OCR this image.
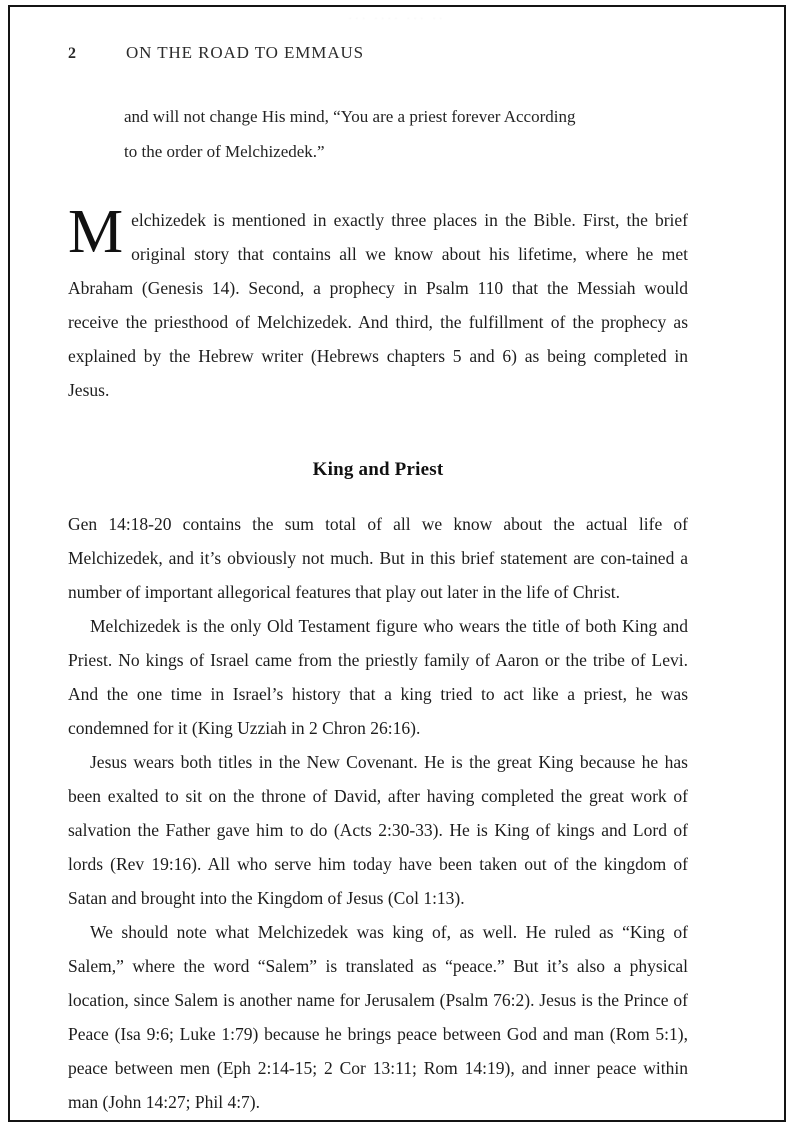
··· ···· ··· ··
2	ON THE ROAD TO EMMAUS
and will not change His mind, “You are a priest forever According
to the order of Melchizedek.”

Melchizedek is mentioned in exactly three places in the Bible. First, the brief original story that contains all we know about his lifetime, where he met Abraham (Genesis 14). Second, a prophecy in Psalm 110 that the Messiah would receive the priesthood of Melchizedek. And third, the fulfillment of the prophecy as explained by the Hebrew writer (Hebrews chapters 5 and 6) as being completed in Jesus.

King and Priest

Gen 14:18-20 contains the sum total of all we know about the actual life of Melchizedek, and it’s obviously not much. But in this brief statement are con-tained a number of important allegorical features that play out later in the life of Christ.

Melchizedek is the only Old Testament figure who wears the title of both King and Priest. No kings of Israel came from the priestly family of Aaron or the tribe of Levi. And the one time in Israel’s history that a king tried to act like a priest, he was condemned for it (King Uzziah in 2 Chron 26:16).

Jesus wears both titles in the New Covenant. He is the great King because he has been exalted to sit on the throne of David, after having completed the great work of salvation the Father gave him to do (Acts 2:30-33). He is King of kings and Lord of lords (Rev 19:16). All who serve him today have been taken out of the kingdom of Satan and brought into the Kingdom of Jesus (Col 1:13).

We should note what Melchizedek was king of, as well. He ruled as “King of Salem,” where the word “Salem” is translated as “peace.” But it’s also a physical location, since Salem is another name for Jerusalem (Psalm 76:2). Jesus is the Prince of Peace (Isa 9:6; Luke 1:79) because he brings peace between God and man (Rom 5:1), peace between men (Eph 2:14-15; 2 Cor 13:11; Rom 14:19), and inner peace within man (John 14:27; Phil 4:7).
